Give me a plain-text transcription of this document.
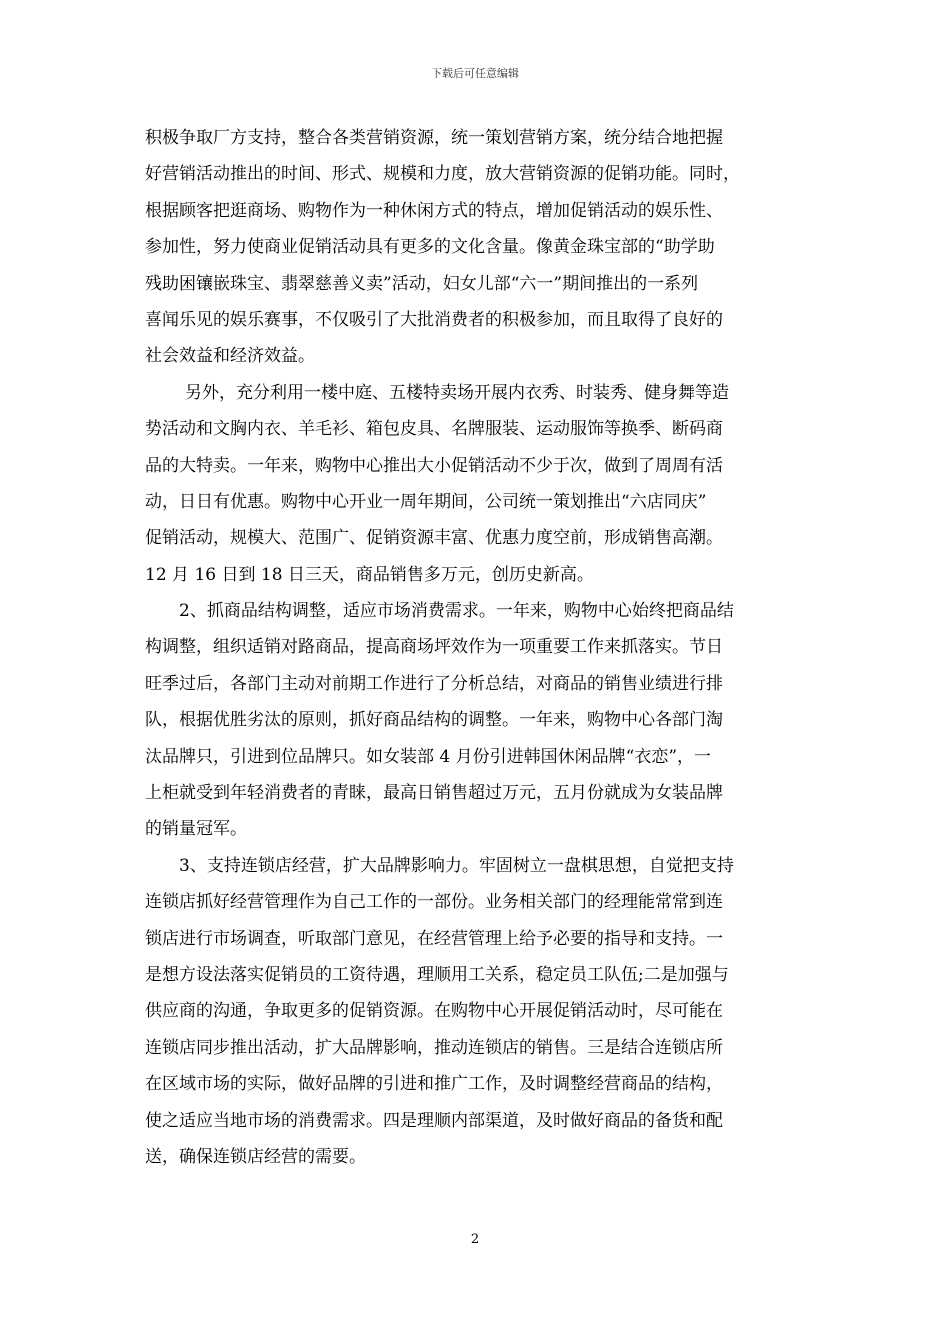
下载后可任意编辑

积极争取厂方支持，整合各类营销资源，统一策划营销方案，统分结合地把握
好营销活动推出的时间、形式、规模和力度，放大营销资源的促销功能。同时，
根据顾客把逛商场、购物作为一种休闲方式的特点，增加促销活动的娱乐性、
参加性，努力使商业促销活动具有更多的文化含量。像黄金珠宝部的“助学助
残助困镶嵌珠宝、翡翠慈善义卖”活动，妇女儿部“六一”期间推出的一系列
喜闻乐见的娱乐赛事，不仅吸引了大批消费者的积极参加，而且取得了良好的
社会效益和经济效益。

另外，充分利用一楼中庭、五楼特卖场开展内衣秀、时装秀、健身舞等造
势活动和文胸内衣、羊毛衫、箱包皮具、名牌服装、运动服饰等换季、断码商
品的大特卖。一年来，购物中心推出大小促销活动不少于次，做到了周周有活
动，日日有优惠。购物中心开业一周年期间，公司统一策划推出“六店同庆”
促销活动，规模大、范围广、促销资源丰富、优惠力度空前，形成销售高潮。
12 月 16 日到 18 日三天，商品销售多万元，创历史新高。

2、抓商品结构调整，适应市场消费需求。一年来，购物中心始终把商品结
构调整，组织适销对路商品，提高商场坪效作为一项重要工作来抓落实。节日
旺季过后，各部门主动对前期工作进行了分析总结，对商品的销售业绩进行排
队，根据优胜劣汰的原则，抓好商品结构的调整。一年来，购物中心各部门淘
汰品牌只，引进到位品牌只。如女装部 4 月份引进韩国休闲品牌“衣恋”，一
上柜就受到年轻消费者的青睐，最高日销售超过万元，五月份就成为女装品牌
的销量冠军。

3、支持连锁店经营，扩大品牌影响力。牢固树立一盘棋思想，自觉把支持
连锁店抓好经营管理作为自己工作的一部份。业务相关部门的经理能常常到连
锁店进行市场调查，听取部门意见，在经营管理上给予必要的指导和支持。一
是想方设法落实促销员的工资待遇，理顺用工关系，稳定员工队伍;二是加强与
供应商的沟通，争取更多的促销资源。在购物中心开展促销活动时，尽可能在
连锁店同步推出活动，扩大品牌影响，推动连锁店的销售。三是结合连锁店所
在区域市场的实际，做好品牌的引进和推广工作，及时调整经营商品的结构，
使之适应当地市场的消费需求。四是理顺内部渠道，及时做好商品的备货和配
送，确保连锁店经营的需要。

2
